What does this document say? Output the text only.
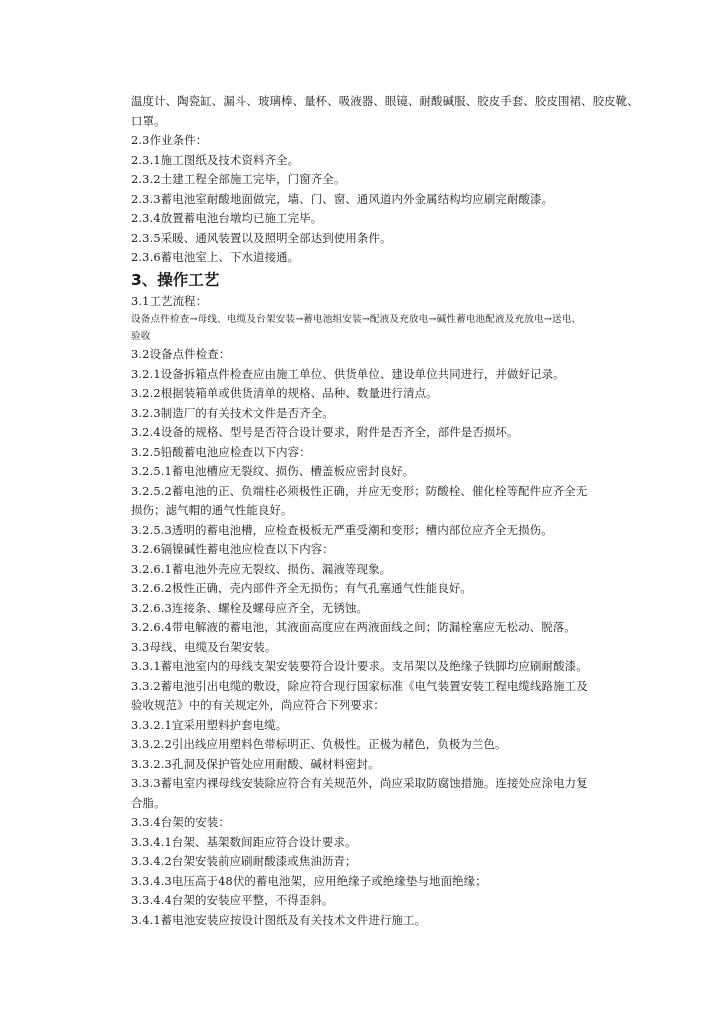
温度计、陶瓷缸、漏斗、玻璃棒、量杯、吸液器、眼镜、耐酸碱服、胶皮手套、胶皮围裙、胶皮靴、
口罩。
2.3作业条件：
2.3.1施工图纸及技术资料齐全。
2.3.2土建工程全部施工完毕，门窗齐全。
2.3.3蓄电池室耐酸地面做完，墙、门、窗、通风道内外金属结构均应刷完耐酸漆。
2.3.4放置蓄电池台墩均已施工完毕。
2.3.5采暖、通风装置以及照明全部达到使用条件。
2.3.6蓄电池室上、下水道接通。
3、操作工艺
3.1工艺流程：
设备点件检查→母线、电缆及台架安装→蓄电池组安装→配液及充放电→碱性蓄电池配液及充放电→送电、
验收
3.2设备点件检查：
3.2.1设备拆箱点件检查应由施工单位、供货单位、建设单位共同进行，并做好记录。
3.2.2根据装箱单或供货清单的规格、品种、数量进行清点。
3.2.3制造厂的有关技术文件是否齐全。
3.2.4设备的规格、型号是否符合设计要求，附件是否齐全，部件是否损坏。
3.2.5铅酸蓄电池应检查以下内容：
3.2.5.1蓄电池槽应无裂纹、损伤、槽盖板应密封良好。
3.2.5.2蓄电池的正、负端柱必须极性正确，并应无变形；防酸栓、催化栓等配件应齐全无
损伤；滤气帽的通气性能良好。
3.2.5.3透明的蓄电池槽，应检查极板无严重受潮和变形；槽内部位应齐全无损伤。
3.2.6镉镍碱性蓄电池应检查以下内容：
3.2.6.1蓄电池外壳应无裂纹、损伤、漏液等现象。
3.2.6.2极性正确，壳内部件齐全无损伤；有气孔塞通气性能良好。
3.2.6.3连接条、螺栓及螺母应齐全，无锈蚀。
3.2.6.4带电解液的蓄电池，其液面高度应在两液面线之间；防漏栓塞应无松动、脱落。
3.3母线、电缆及台架安装。
3.3.1蓄电池室内的母线支架安装要符合设计要求。支吊架以及绝缘子铁脚均应刷耐酸漆。
3.3.2蓄电池引出电缆的敷设，除应符合现行国家标准《电气装置安装工程电缆线路施工及
验收规范》中的有关规定外，尚应符合下列要求：
3.3.2.1宜采用塑料护套电缆。
3.3.2.2引出线应用塑料色带标明正、负极性。正极为赭色，负极为兰色。
3.3.2.3孔洞及保护管处应用耐酸、碱材料密封。
3.3.3蓄电室内裸母线安装除应符合有关规范外，尚应采取防腐蚀措施。连接处应涂电力复
合脂。
3.3.4台架的安装：
3.3.4.1台架、基架数间距应符合设计要求。
3.3.4.2台架安装前应刷耐酸漆或焦油沥青；
3.3.4.3电压高于48伏的蓄电池架，应用绝缘子或绝缘垫与地面绝缘；
3.3.4.4台架的安装应平整，不得歪斜。
3.4.1蓄电池安装应按设计图纸及有关技术文件进行施工。
